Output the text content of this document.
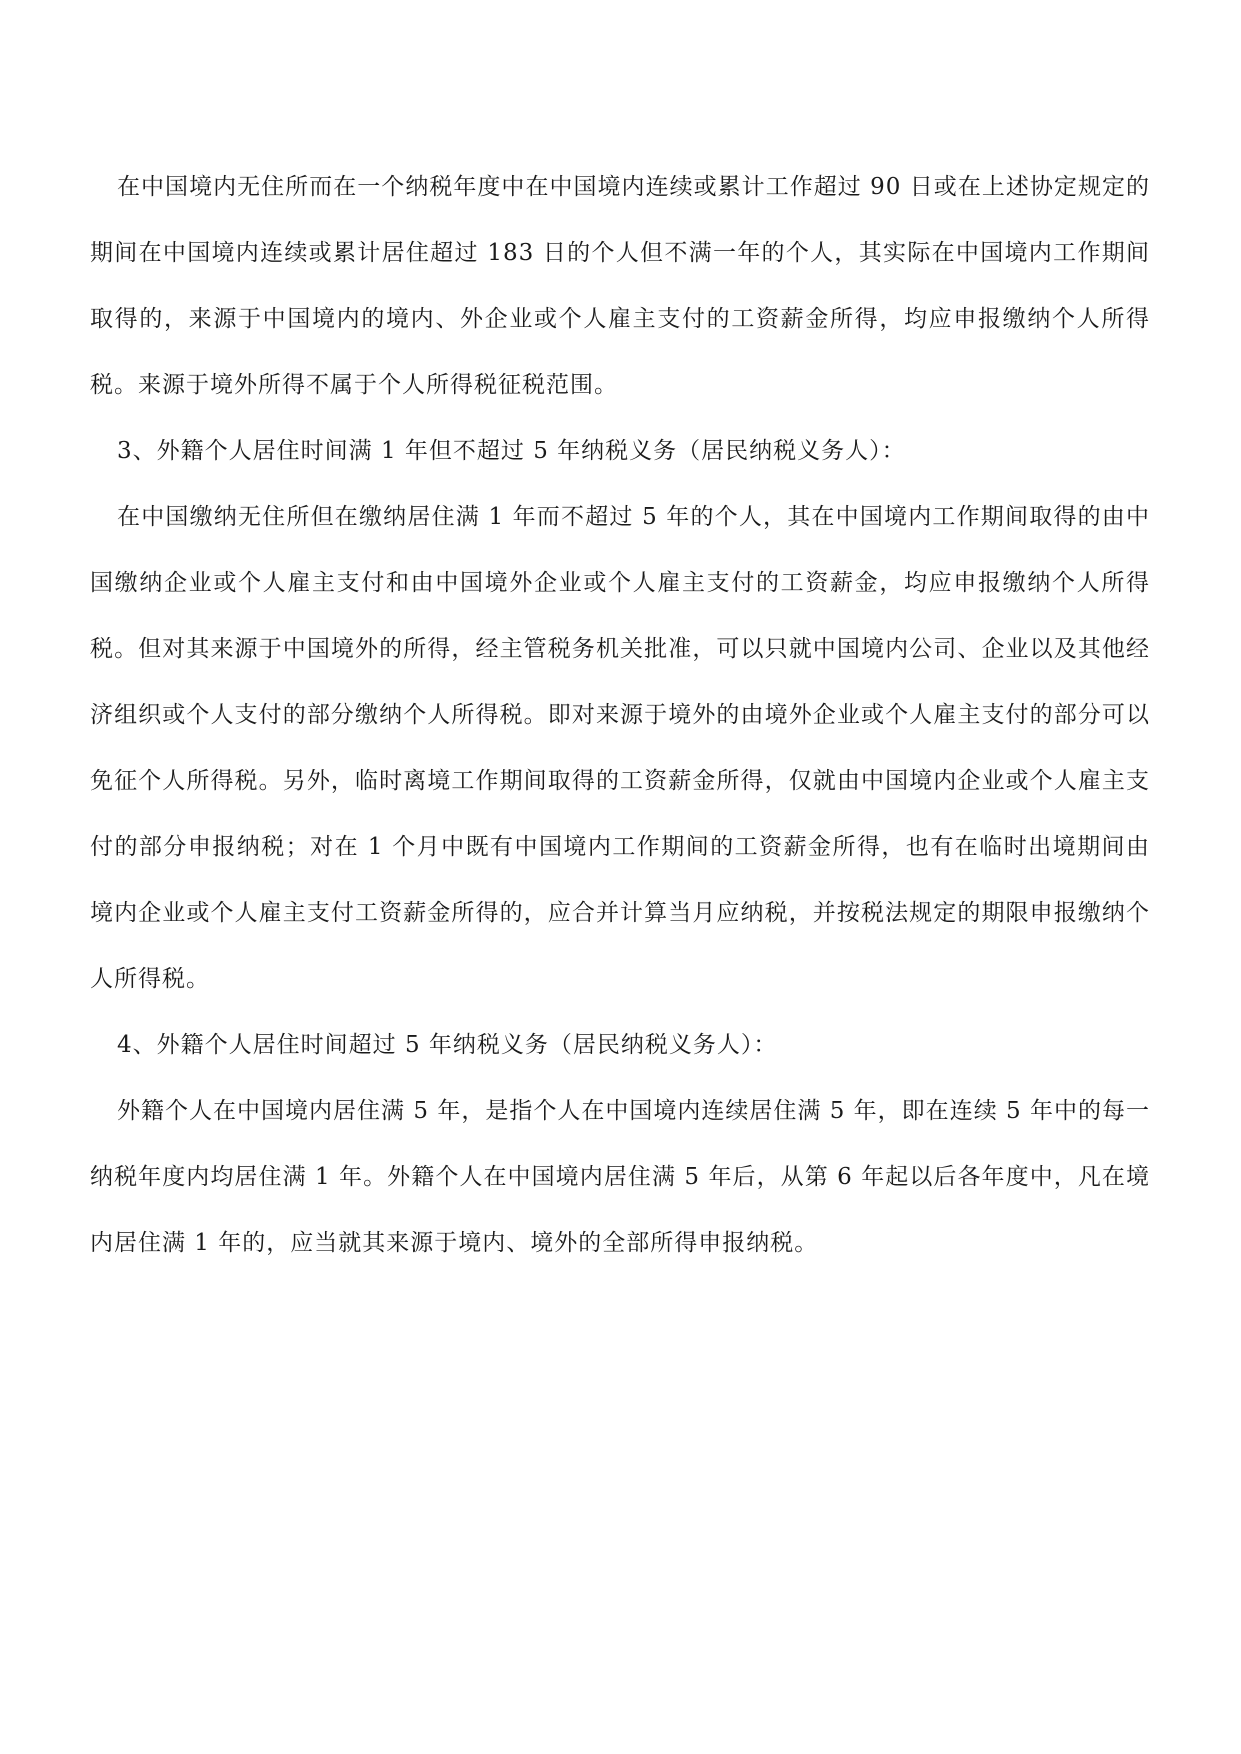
在中国境内无住所而在一个纳税年度中在中国境内连续或累计工作超过 90 日或在上述协定规定的期间在中国境内连续或累计居住超过 183 日的个人但不满一年的个人，其实际在中国境内工作期间取得的，来源于中国境内的境内、外企业或个人雇主支付的工资薪金所得，均应申报缴纳个人所得税。来源于境外所得不属于个人所得税征税范围。

3、外籍个人居住时间满 1 年但不超过 5 年纳税义务（居民纳税义务人）：

在中国缴纳无住所但在缴纳居住满 1 年而不超过 5 年的个人，其在中国境内工作期间取得的由中国缴纳企业或个人雇主支付和由中国境外企业或个人雇主支付的工资薪金，均应申报缴纳个人所得税。但对其来源于中国境外的所得，经主管税务机关批准，可以只就中国境内公司、企业以及其他经济组织或个人支付的部分缴纳个人所得税。即对来源于境外的由境外企业或个人雇主支付的部分可以免征个人所得税。另外，临时离境工作期间取得的工资薪金所得，仅就由中国境内企业或个人雇主支付的部分申报纳税；对在 1 个月中既有中国境内工作期间的工资薪金所得，也有在临时出境期间由境内企业或个人雇主支付工资薪金所得的，应合并计算当月应纳税，并按税法规定的期限申报缴纳个人所得税。

4、外籍个人居住时间超过 5 年纳税义务（居民纳税义务人）：

外籍个人在中国境内居住满 5 年，是指个人在中国境内连续居住满 5 年，即在连续 5 年中的每一纳税年度内均居住满 1 年。外籍个人在中国境内居住满 5 年后，从第 6 年起以后各年度中，凡在境内居住满 1 年的，应当就其来源于境内、境外的全部所得申报纳税。
